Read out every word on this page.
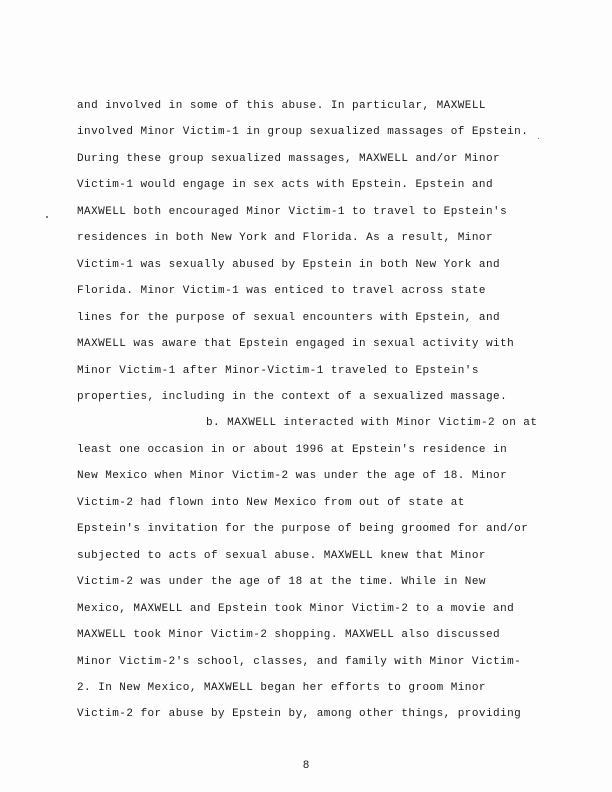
and involved in some of this abuse. In particular, MAXWELL
involved Minor Victim-1 in group sexualized massages of Epstein.
During these group sexualized massages, MAXWELL and/or Minor
Victim-1 would engage in sex acts with Epstein. Epstein and
MAXWELL both encouraged Minor Victim-1 to travel to Epstein's
residences in both New York and Florida. As a result, Minor
Victim-1 was sexually abused by Epstein in both New York and
Florida. Minor Victim-1 was enticed to travel across state
lines for the purpose of sexual encounters with Epstein, and
MAXWELL was aware that Epstein engaged in sexual activity with
Minor Victim-1 after Minor-Victim-1 traveled to Epstein's
properties, including in the context of a sexualized massage.
b. MAXWELL interacted with Minor Victim-2 on at
least one occasion in or about 1996 at Epstein's residence in
New Mexico when Minor Victim-2 was under the age of 18. Minor
Victim-2 had flown into New Mexico from out of state at
Epstein's invitation for the purpose of being groomed for and/or
subjected to acts of sexual abuse. MAXWELL knew that Minor
Victim-2 was under the age of 18 at the time. While in New
Mexico, MAXWELL and Epstein took Minor Victim-2 to a movie and
MAXWELL took Minor Victim-2 shopping. MAXWELL also discussed
Minor Victim-2's school, classes, and family with Minor Victim-
2. In New Mexico, MAXWELL began her efforts to groom Minor
Victim-2 for abuse by Epstein by, among other things, providing
8
